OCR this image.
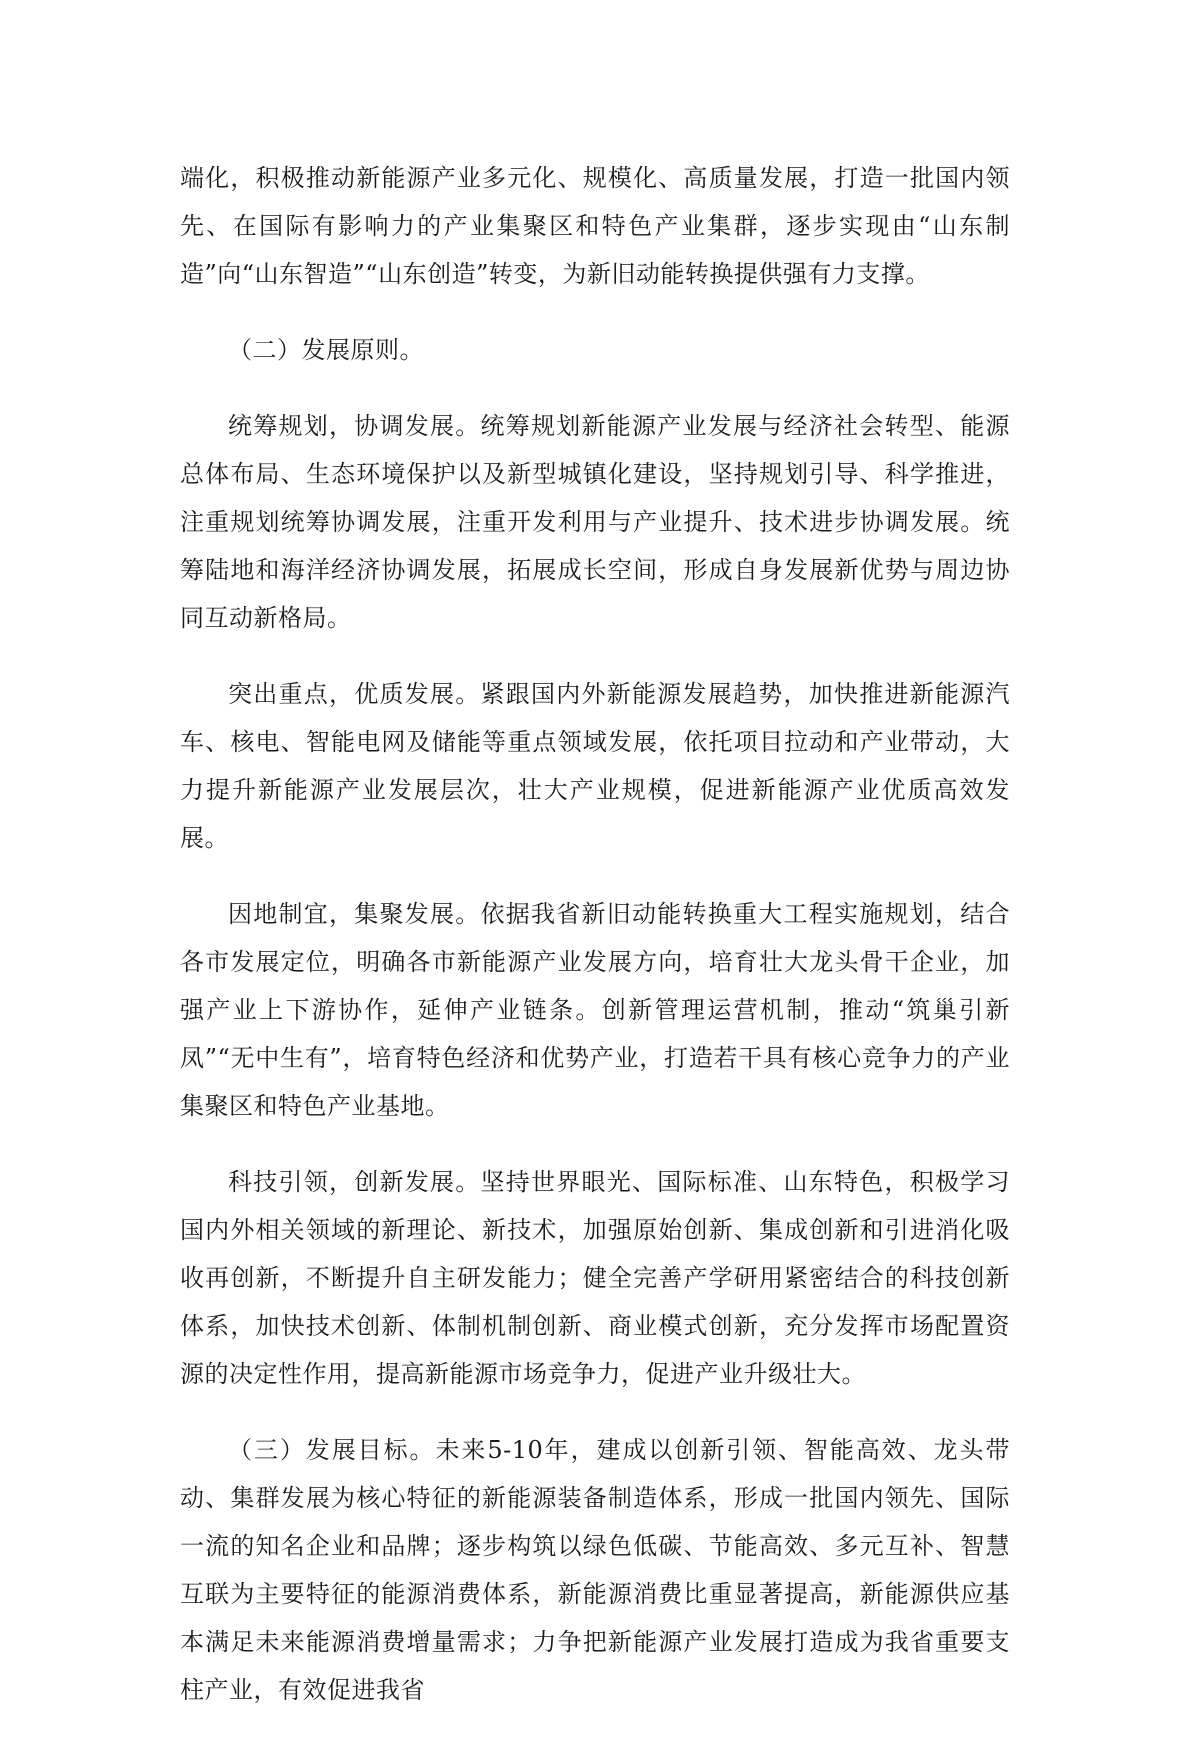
端化，积极推动新能源产业多元化、规模化、高质量发展，打造一批国内领先、在国际有影响力的产业集聚区和特色产业集群，逐步实现由“山东制造”向“山东智造”“山东创造”转变，为新旧动能转换提供强有力支撑。

（二）发展原则。

统筹规划，协调发展。统筹规划新能源产业发展与经济社会转型、能源总体布局、生态环境保护以及新型城镇化建设，坚持规划引导、科学推进，注重规划统筹协调发展，注重开发利用与产业提升、技术进步协调发展。统筹陆地和海洋经济协调发展，拓展成长空间，形成自身发展新优势与周边协同互动新格局。

突出重点，优质发展。紧跟国内外新能源发展趋势，加快推进新能源汽车、核电、智能电网及储能等重点领域发展，依托项目拉动和产业带动，大力提升新能源产业发展层次，壮大产业规模，促进新能源产业优质高效发展。

因地制宜，集聚发展。依据我省新旧动能转换重大工程实施规划，结合各市发展定位，明确各市新能源产业发展方向，培育壮大龙头骨干企业，加强产业上下游协作，延伸产业链条。创新管理运营机制，推动“筑巢引新凤”“无中生有”，培育特色经济和优势产业，打造若干具有核心竞争力的产业集聚区和特色产业基地。

科技引领，创新发展。坚持世界眼光、国际标准、山东特色，积极学习国内外相关领域的新理论、新技术，加强原始创新、集成创新和引进消化吸收再创新，不断提升自主研发能力；健全完善产学研用紧密结合的科技创新体系，加快技术创新、体制机制创新、商业模式创新，充分发挥市场配置资源的决定性作用，提高新能源市场竞争力，促进产业升级壮大。

（三）发展目标。未来5-10年，建成以创新引领、智能高效、龙头带动、集群发展为核心特征的新能源装备制造体系，形成一批国内领先、国际一流的知名企业和品牌；逐步构筑以绿色低碳、节能高效、多元互补、智慧互联为主要特征的能源消费体系，新能源消费比重显著提高，新能源供应基本满足未来能源消费增量需求；力争把新能源产业发展打造成为我省重要支柱产业，有效促进我省
